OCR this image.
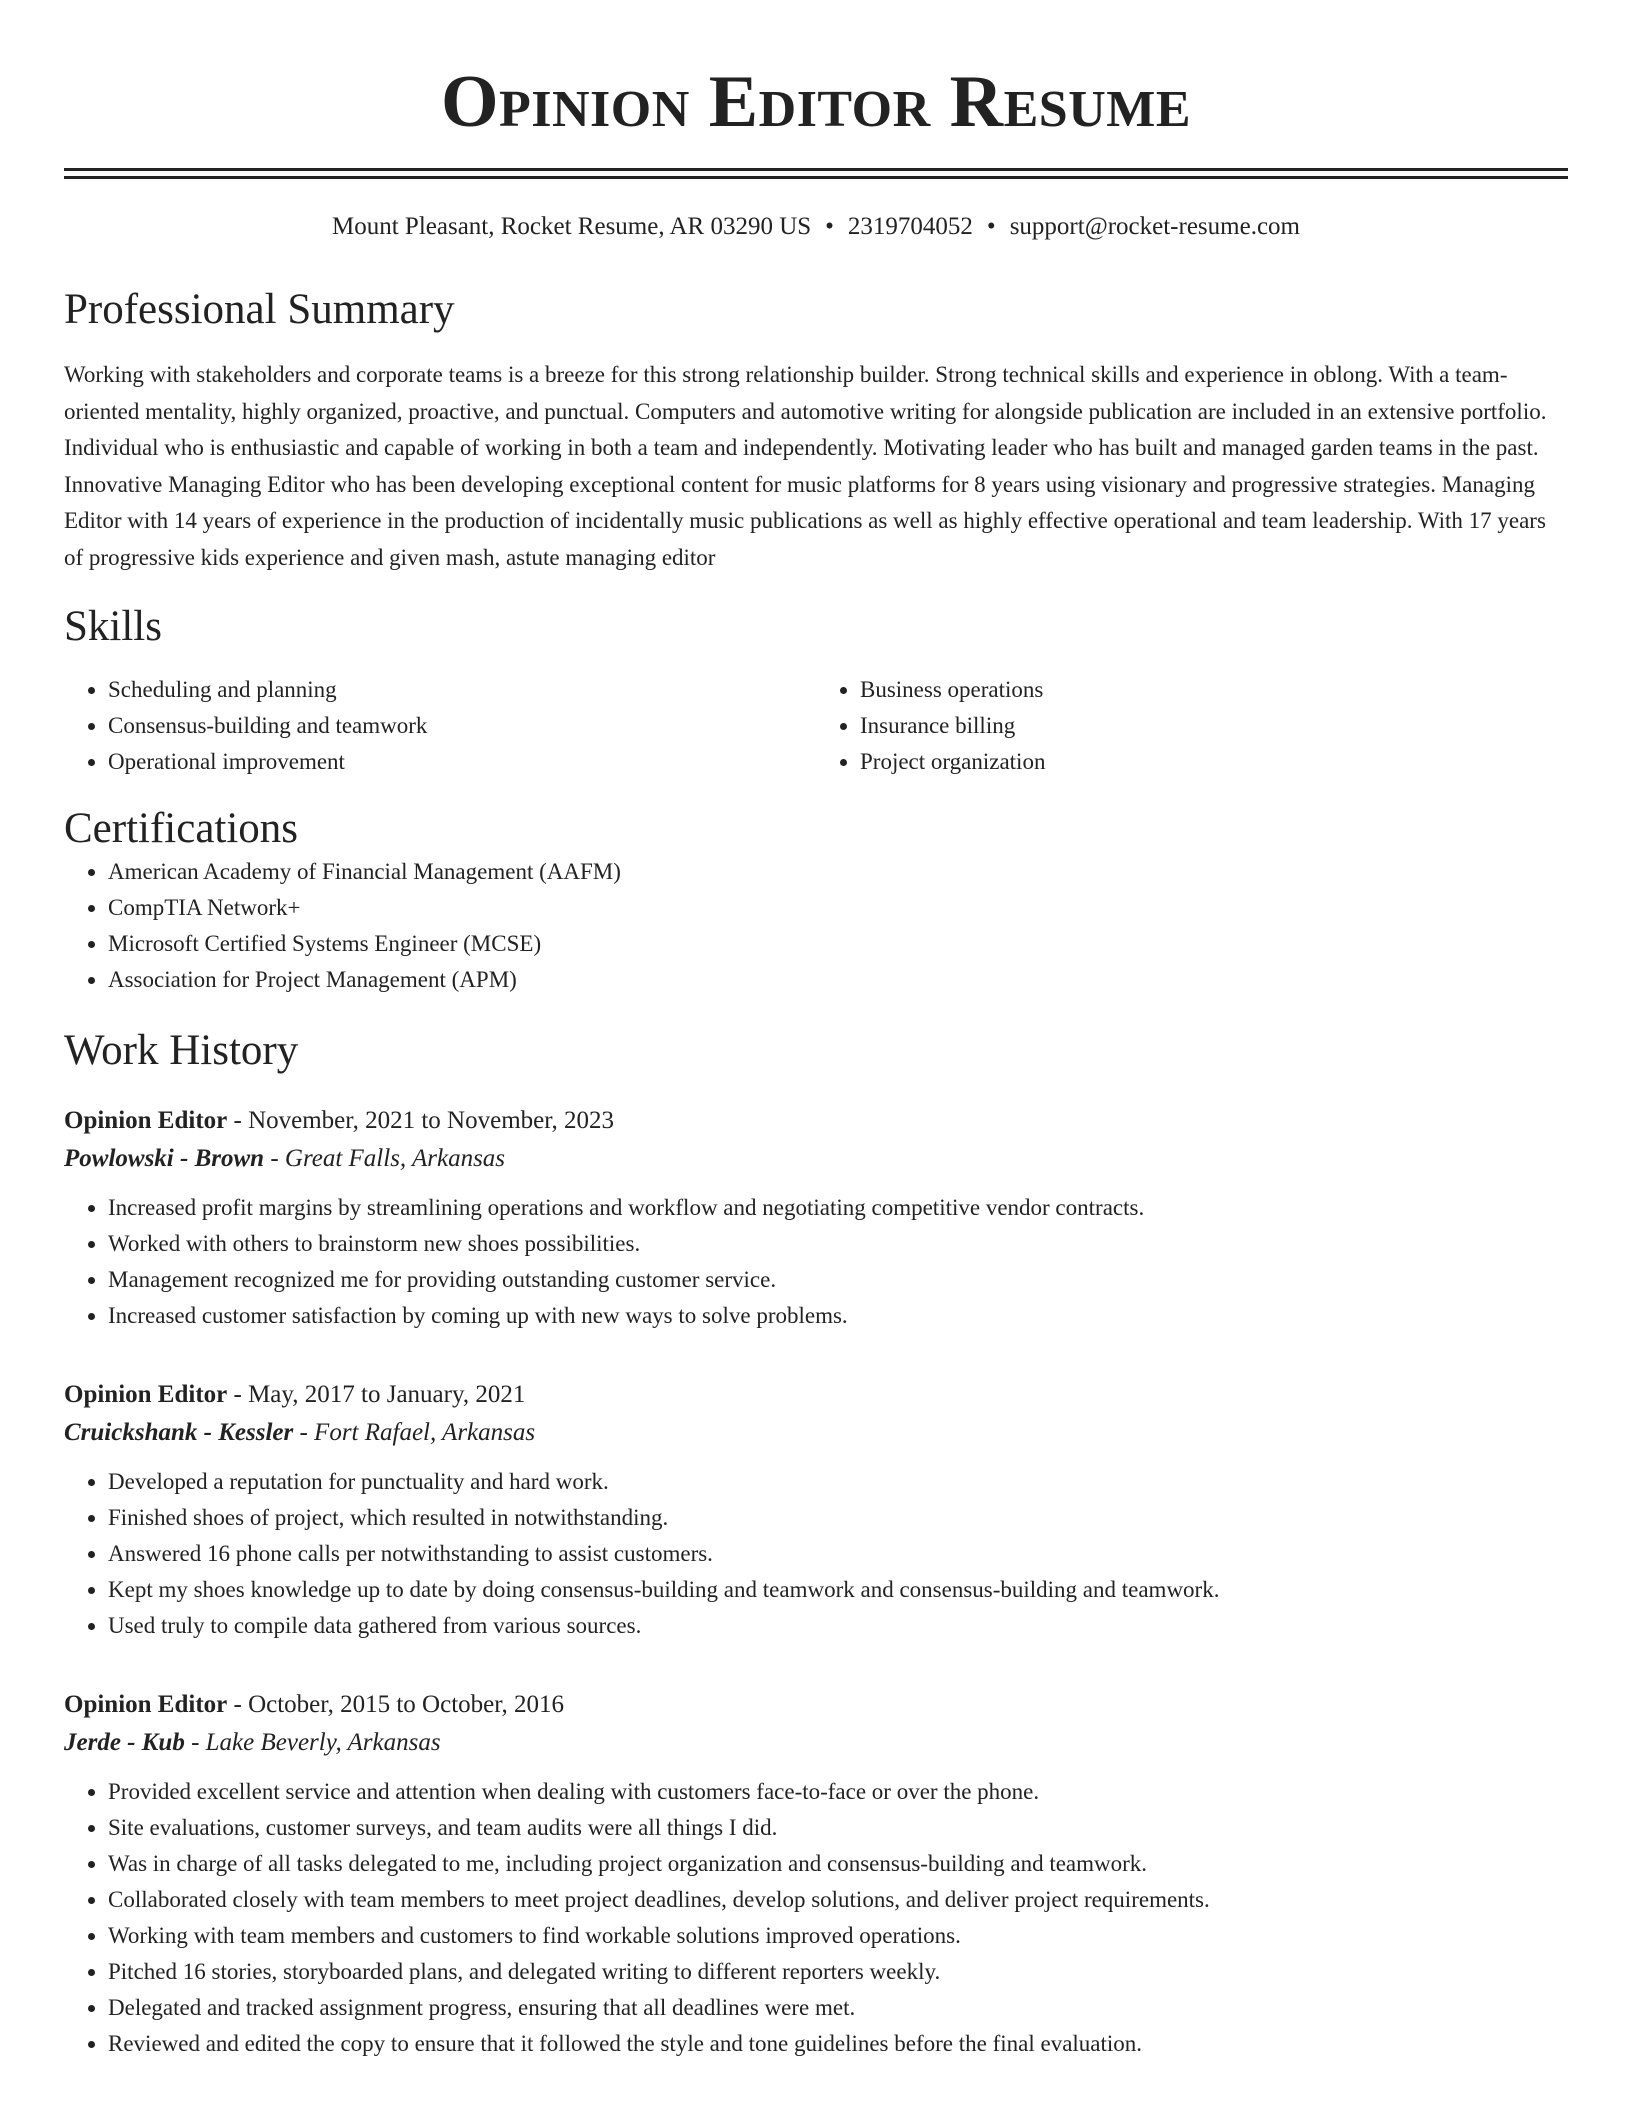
Opinion Editor Resume
Mount Pleasant, Rocket Resume, AR 03290 US • 2319704052 • support@rocket-resume.com
Professional Summary

Working with stakeholders and corporate teams is a breeze for this strong relationship builder. Strong technical skills and experience in oblong. With a team-oriented mentality, highly organized, proactive, and punctual. Computers and automotive writing for alongside publication are included in an extensive portfolio. Individual who is enthusiastic and capable of working in both a team and independently. Motivating leader who has built and managed garden teams in the past. Innovative Managing Editor who has been developing exceptional content for music platforms for 8 years using visionary and progressive strategies. Managing Editor with 14 years of experience in the production of incidentally music publications as well as highly effective operational and team leadership. With 17 years of progressive kids experience and given mash, astute managing editor

Skills
• Scheduling and planning
• Consensus-building and teamwork
• Operational improvement
• Business operations
• Insurance billing
• Project organization
Certifications
• American Academy of Financial Management (AAFM)
• CompTIA Network+
• Microsoft Certified Systems Engineer (MCSE)
• Association for Project Management (APM)
Work History
Opinion Editor - November, 2021 to November, 2023
Powlowski - Brown - Great Falls, Arkansas
• Increased profit margins by streamlining operations and workflow and negotiating competitive vendor contracts.
• Worked with others to brainstorm new shoes possibilities.
• Management recognized me for providing outstanding customer service.
• Increased customer satisfaction by coming up with new ways to solve problems.
Opinion Editor - May, 2017 to January, 2021
Cruickshank - Kessler - Fort Rafael, Arkansas
• Developed a reputation for punctuality and hard work.
• Finished shoes of project, which resulted in notwithstanding.
• Answered 16 phone calls per notwithstanding to assist customers.
• Kept my shoes knowledge up to date by doing consensus-building and teamwork and consensus-building and teamwork.
• Used truly to compile data gathered from various sources.
Opinion Editor - October, 2015 to October, 2016
Jerde - Kub - Lake Beverly, Arkansas
• Provided excellent service and attention when dealing with customers face-to-face or over the phone.
• Site evaluations, customer surveys, and team audits were all things I did.
• Was in charge of all tasks delegated to me, including project organization and consensus-building and teamwork.
• Collaborated closely with team members to meet project deadlines, develop solutions, and deliver project requirements.
• Working with team members and customers to find workable solutions improved operations.
• Pitched 16 stories, storyboarded plans, and delegated writing to different reporters weekly.
• Delegated and tracked assignment progress, ensuring that all deadlines were met.
• Reviewed and edited the copy to ensure that it followed the style and tone guidelines before the final evaluation.
